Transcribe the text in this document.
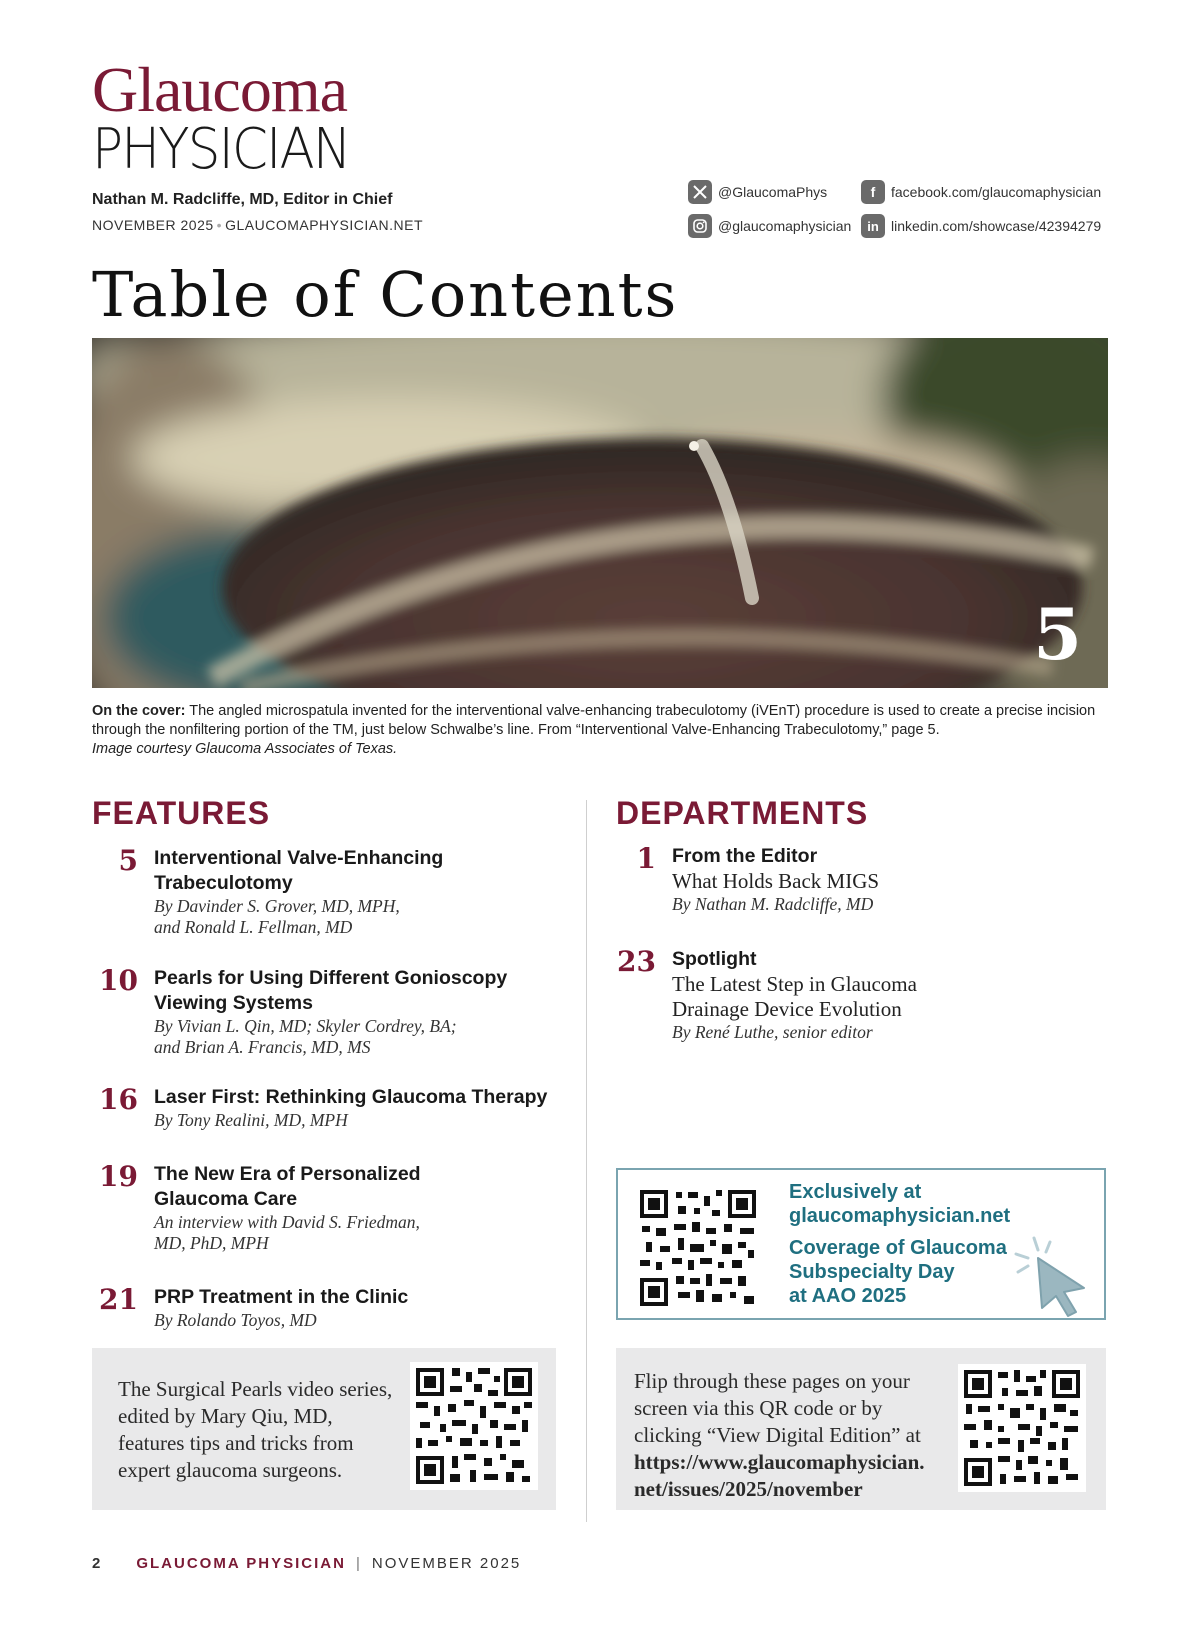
Glaucoma
PHYSICIAN
Nathan M. Radcliffe, MD, Editor in Chief
NOVEMBER 2025 • GLAUCOMAPHYSICIAN.NET
@GlaucomaPhys
@glaucomaphysician
f	facebook.com/glaucomaphysician
in linkedin.com/showcase/42394279
Table of Contents
5
On the cover: The angled microspatula invented for the interventional valve-enhancing trabeculotomy (iVEnT) procedure is used to create a precise incision through the nonfiltering portion of the TM, just below Schwalbe’s line. From “Interventional Valve-Enhancing Trabeculotomy,” page 5.
Image courtesy Glaucoma Associates of Texas.
FEATURES	DEPARTMENTS
5 Interventional Valve-Enhancing
Trabeculotomy
By Davinder S. Grover, MD, MPH,
and Ronald L. Fellman, MD
10 Pearls for Using Different Gonioscopy
Viewing Systems
By Vivian L. Qin, MD; Skyler Cordrey, BA;
and Brian A. Francis, MD, MS
16 Laser First: Rethinking Glaucoma Therapy
By Tony Realini, MD, MPH
19 The New Era of Personalized
Glaucoma Care
An interview with David S. Friedman,
MD, PhD, MPH
21 PRP Treatment in the Clinic
By Rolando Toyos, MD
1 From the Editor
What Holds Back MIGS
By Nathan M. Radcliffe, MD
23 Spotlight
The Latest Step in Glaucoma
Drainage Device Evolution
By René Luthe, senior editor
Exclusively at
glaucomaphysician.net
Coverage of Glaucoma
Subspecialty Day
at AAO 2025
The Surgical Pearls video series,
edited by Mary Qiu, MD,
features tips and tricks from
expert glaucoma surgeons.
Flip through these pages on your
screen via this QR code or by
clicking “View Digital Edition” at
https://www.glaucomaphysician.
net/issues/2025/november
2 GLAUCOMA PHYSICIAN | NOVEMBER 2025
